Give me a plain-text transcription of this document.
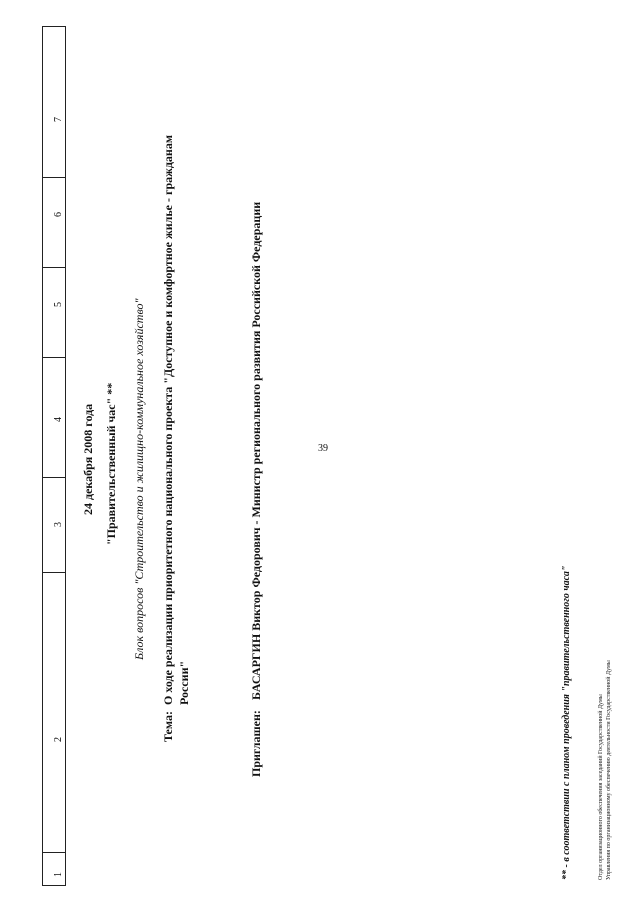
39
7
6
5
4
3
2
1
24 декабря 2008 года "Правительственный час" ** Блок вопросов "Строительство и жилищно-коммунальное хозяйство"
Тема:
О ходе реализации приоритетного национального проекта "Доступное и комфортное жилье - гражданам России"
Приглашен:
БАСАРГИН Виктор Федорович - Министр регионального развития Российской Федерации
** - в соответствии с планом проведения "правительственного часа"	Отдел организационного обеспечения заседаний Государственной Думы Управления по организационному обеспечению деятельности Государственной Думы
